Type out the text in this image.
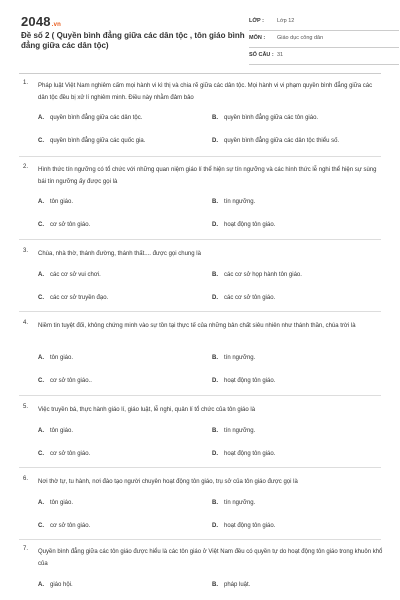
2048.vn
Đề số 2 ( Quyền bình đẳng giữa các dân tộc , tôn giáo bình đẳng giữa các dân tộc)
LỚP : Lớp 12
MÔN : Giáo dục công dân
SỐ CÂU : 31
1. Pháp luật Việt Nam nghiêm cấm mọi hành vi kì thị và chia rẽ giữa các dân tộc. Mọi hành vi vi phạm quyền bình đẳng giữa các dân tộc đều bị xử lí nghiêm minh. Điều này nhằm đảm bảo
A. quyền bình đẳng giữa các dân tộc.	B. quyền bình đẳng giữa các tôn giáo.
C. quyền bình đẳng giữa các quốc gia.	D. quyền bình đẳng giữa các dân tộc thiểu số.
2. Hình thức tín ngưỡng có tổ chức với những quan niệm giáo lí thể hiện sự tín ngưỡng và các hình thức lễ nghi thể hiện sự sùng bái tín ngưỡng ấy được gọi là
A. tôn giáo.	B. tín ngưỡng.
C. cơ sở tôn giáo.	D. hoạt động tôn giáo.
3. Chùa, nhà thờ, thánh đường, thánh thất.... được gọi chung là
A. các cơ sở vui chơi.	B. các cơ sở họp hành tôn giáo.
C. các cơ sở truyền đạo.	D. các cơ sở tôn giáo.
4. Niềm tin tuyệt đối, không chứng minh vào sự tồn tại thực tế của những bản chất siêu nhiên như thánh thần, chúa trời là
A. tôn giáo.	B. tín ngưỡng.
C. cơ sở tôn giáo..	D. hoạt động tôn giáo.
5. Việc truyền bá, thực hành giáo lí, giáo luật, lễ nghi, quản lí tổ chức của tôn giáo là
A. tôn giáo.	B. tín ngưỡng.
C. cơ sở tôn giáo.	D. hoạt động tôn giáo.
6. Nơi thờ tự, tu hành, nơi đào tạo người chuyên hoạt động tôn giáo, trụ sở của tôn giáo được gọi là
A. tôn giáo.	B. tín ngưỡng.
C. cơ sở tôn giáo.	D. hoạt động tôn giáo.
7. Quyền bình đẳng giữa các tôn giáo được hiểu là các tôn giáo ở Việt Nam đều có quyền tự do hoạt động tôn giáo trong khuôn khổ của
A. giáo hội.	B. pháp luật.
